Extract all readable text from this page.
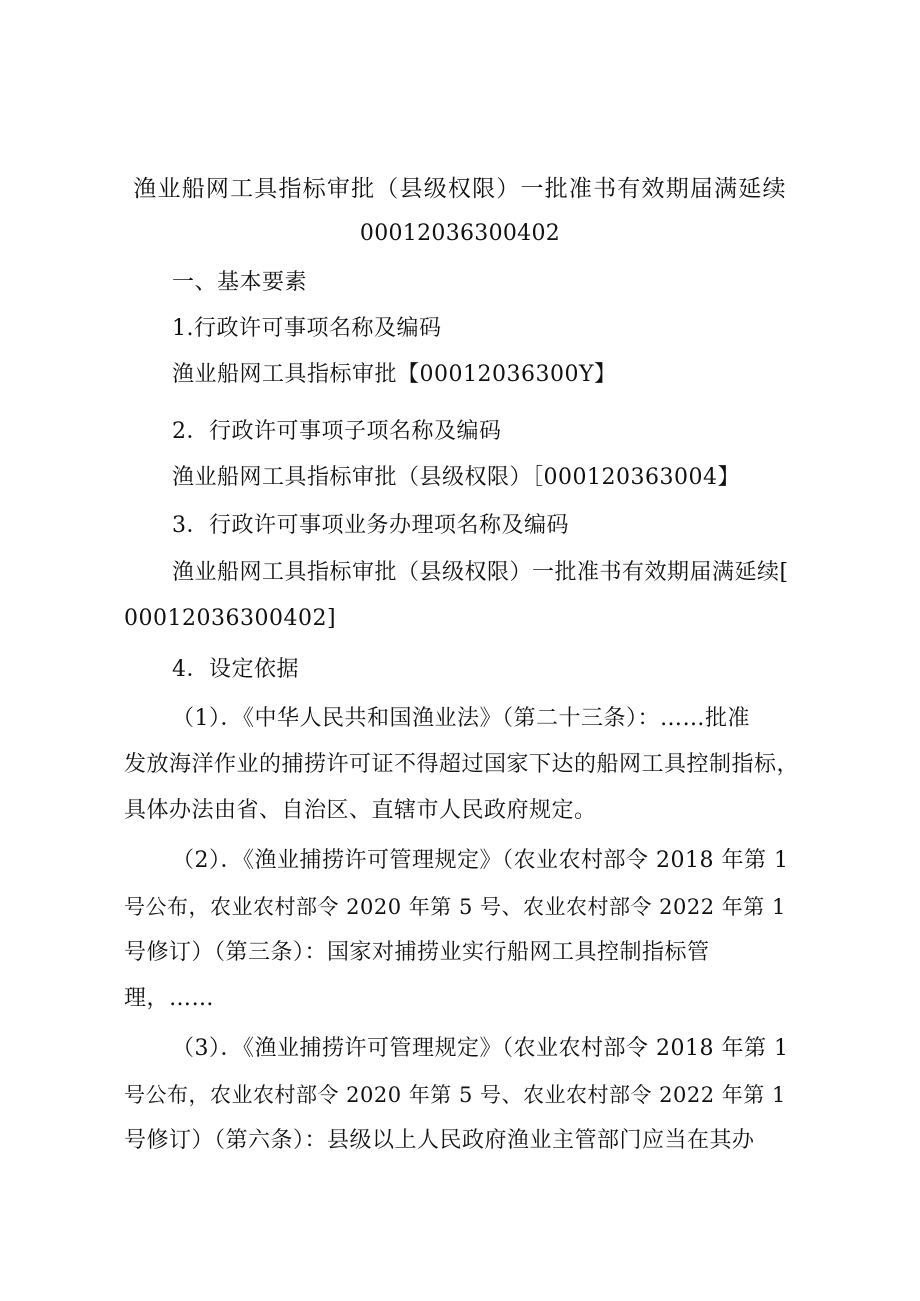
渔业船网工具指标审批（县级权限）一批准书有效期届满延续
00012036300402
一、基本要素
1.行政许可事项名称及编码
渔业船网工具指标审批【00012036300Y】
2．行政许可事项子项名称及编码
渔业船网工具指标审批（县级权限）［000120363004】
3．行政许可事项业务办理项名称及编码
渔业船网工具指标审批（县级权限）一批准书有效期届满延续[
00012036300402]
4．设定依据
（1）．《中华人民共和国渔业法》（第二十三条）：……批准
发放海洋作业的捕捞许可证不得超过国家下达的船网工具控制指标，
具体办法由省、自治区、直辖市人民政府规定。
（2）．《渔业捕捞许可管理规定》（农业农村部令 2018 年第 1
号公布，农业农村部令 2020 年第 5 号、农业农村部令 2022 年第 1
号修订）（第三条）：国家对捕捞业实行船网工具控制指标管
理，……
（3）．《渔业捕捞许可管理规定》（农业农村部令 2018 年第 1
号公布，农业农村部令 2020 年第 5 号、农业农村部令 2022 年第 1
号修订）（第六条）：县级以上人民政府渔业主管部门应当在其办
